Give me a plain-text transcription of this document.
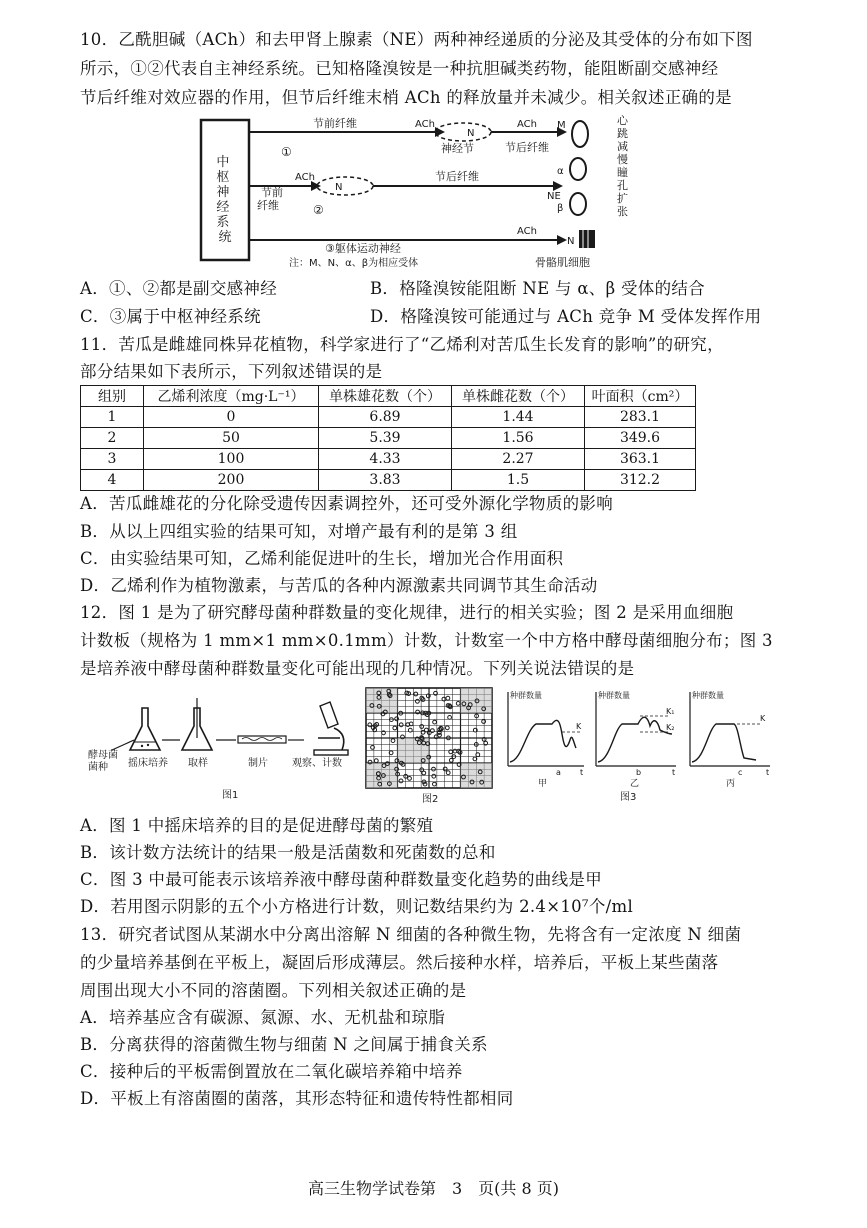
10．乙酰胆碱（ACh）和去甲肾上腺素（NE）两种神经递质的分泌及其受体的分布如下图
所示，①②代表自主神经系统。已知格隆溴铵是一种抗胆碱类药物，能阻断副交感神经
节后纤维对效应器的作用，但节后纤维末梢 ACh 的释放量并未减少。相关叙述正确的是
中 枢 神 经 系 统
节前纤维	ACh
N
神经节
ACh
节后纤维
M
①
心跳减慢
ACh
N
节前纤维
节后纤维	α
NE
β
②
瞳孔扩张
ACh
N
③躯体运动神经
注：M、N、α、β为相应受体	骨骼肌细胞
A．①、②都是副交感神经	B．格隆溴铵能阻断 NE 与 α、β 受体的结合
C．③属于中枢神经系统	D．格隆溴铵可能通过与 ACh 竞争 M 受体发挥作用
11．苦瓜是雌雄同株异花植物，科学家进行了“乙烯利对苦瓜生长发育的影响”的研究，
部分结果如下表所示，下列叙述错误的是
组别	乙烯利浓度（mg·L⁻¹）	单株雄花数（个）	单株雌花数（个）	叶面积（cm²）
1	0	6.89	1.44	283.1
2	50	5.39	1.56	349.6
3	100	4.33	2.27	363.1
4	200	3.83	1.5	312.2
A．苦瓜雌雄花的分化除受遗传因素调控外，还可受外源化学物质的影响
B．从以上四组实验的结果可知，对增产最有利的是第 3 组
C．由实验结果可知，乙烯利能促进叶的生长，增加光合作用面积
D．乙烯利作为植物激素，与苦瓜的各种内源激素共同调节其生命活动
12．图 1 是为了研究酵母菌种群数量的变化规律，进行的相关实验；图 2 是采用血细胞
计数板（规格为 1 mm×1 mm×0.1mm）计数，计数室一个中方格中酵母菌细胞分布；图 3
是培养液中酵母菌种群数量变化可能出现的几种情况。下列关说法错误的是
酵母菌
菌种 摇床培养 取样	制片 观察、计数
图1	图2
种群数量
K
a t
甲
种群数量
K₁
K₂
b	t
乙
种群数量
K
c	t
丙
图3
A．图 1 中摇床培养的目的是促进酵母菌的繁殖
B．该计数方法统计的结果一般是活菌数和死菌数的总和
C．图 3 中最可能表示该培养液中酵母菌种群数量变化趋势的曲线是甲
D．若用图示阴影的五个小方格进行计数，则记数结果约为 2.4×10⁷个/ml
13．研究者试图从某湖水中分离出溶解 N 细菌的各种微生物，先将含有一定浓度 N 细菌
的少量培养基倒在平板上，凝固后形成薄层。然后接种水样，培养后，平板上某些菌落
周围出现大小不同的溶菌圈。下列相关叙述正确的是
A．培养基应含有碳源、氮源、水、无机盐和琼脂
B．分离获得的溶菌微生物与细菌 N 之间属于捕食关系
C．接种后的平板需倒置放在二氧化碳培养箱中培养
D．平板上有溶菌圈的菌落，其形态特征和遗传特性都相同
高三生物学试卷第　3　页(共 8 页)
